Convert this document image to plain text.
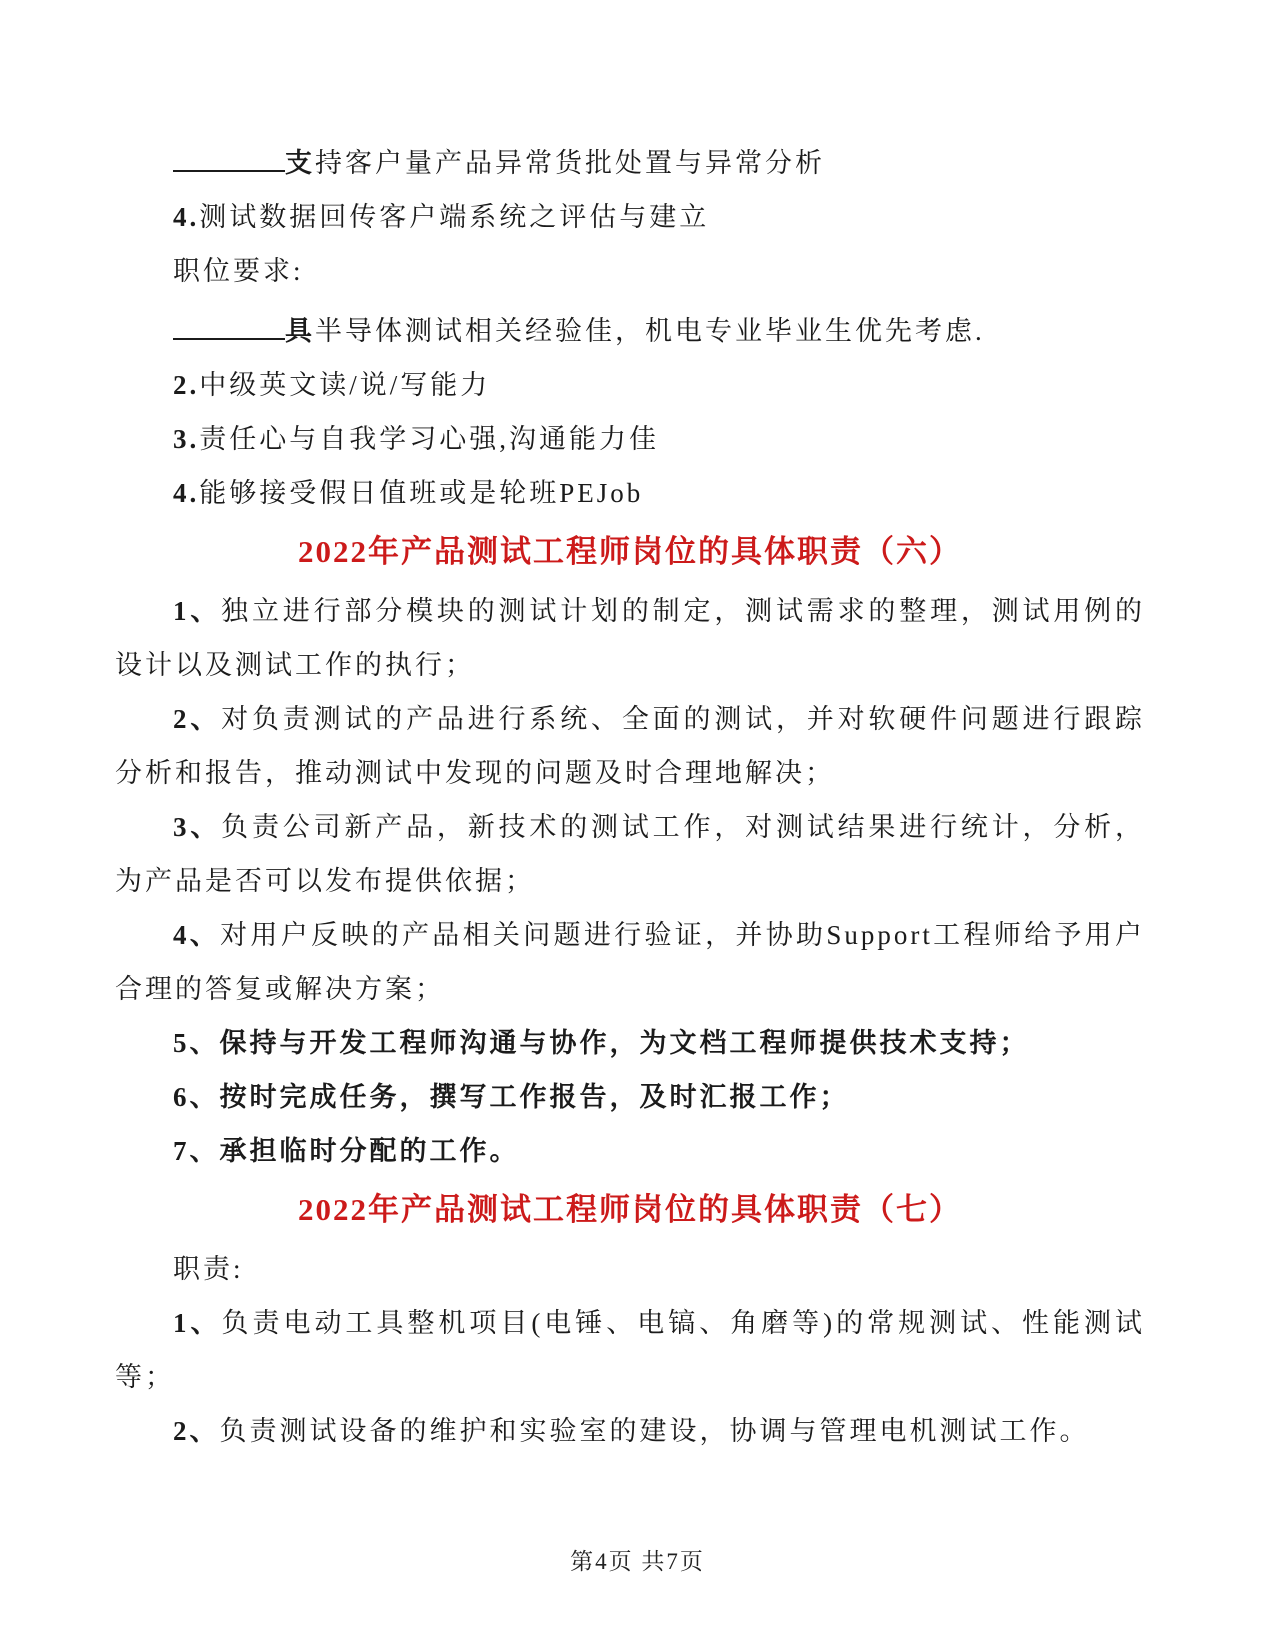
支持客户量产品异常货批处置与异常分析

4.测试数据回传客户端系统之评估与建立

职位要求:

具半导体测试相关经验佳，机电专业毕业生优先考虑.

2.中级英文读/说/写能力

3.责任心与自我学习心强,沟通能力佳

4.能够接受假日值班或是轮班PEJob

2022年产品测试工程师岗位的具体职责（六）

1、独立进行部分模块的测试计划的制定，测试需求的整理，测试用例的设计以及测试工作的执行；

2、对负责测试的产品进行系统、全面的测试，并对软硬件问题进行跟踪分析和报告，推动测试中发现的问题及时合理地解决；

3、负责公司新产品，新技术的测试工作，对测试结果进行统计，分析，为产品是否可以发布提供依据；

4、对用户反映的产品相关问题进行验证，并协助Support工程师给予用户合理的答复或解决方案；

5、保持与开发工程师沟通与协作，为文档工程师提供技术支持；

6、按时完成任务，撰写工作报告，及时汇报工作；

7、承担临时分配的工作。

2022年产品测试工程师岗位的具体职责（七）

职责:

1、负责电动工具整机项目(电锤、电镐、角磨等)的常规测试、性能测试等；

2、负责测试设备的维护和实验室的建设，协调与管理电机测试工作。

第4页 共7页
